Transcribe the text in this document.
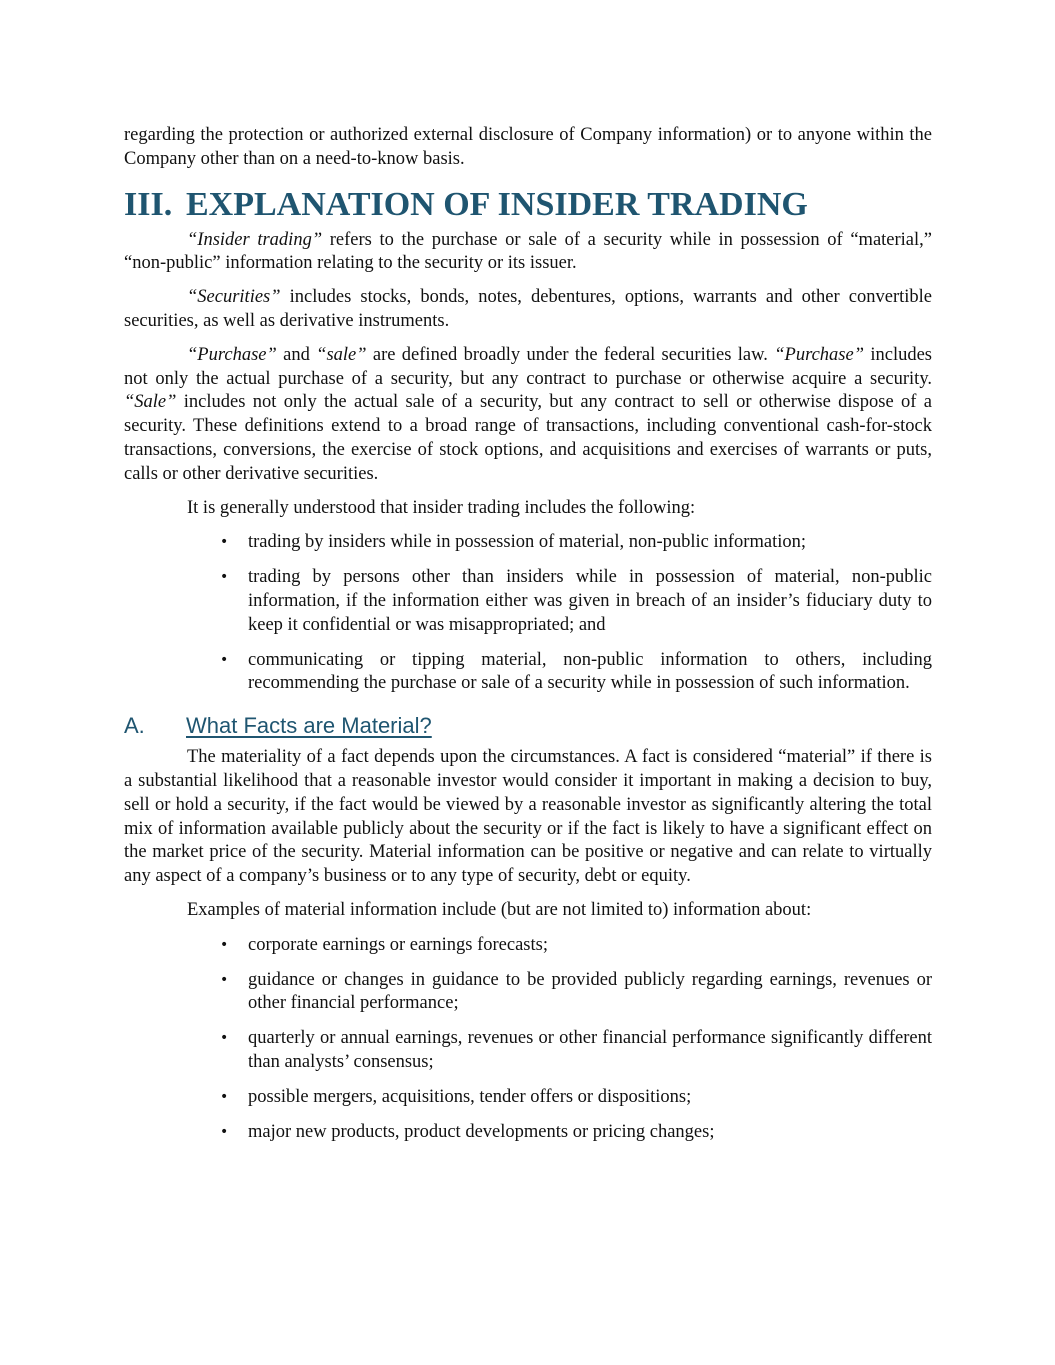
regarding the protection or authorized external disclosure of Company information) or to anyone within the Company other than on a need-to-know basis.

III. EXPLANATION OF INSIDER TRADING

“Insider trading” refers to the purchase or sale of a security while in possession of “material,” “non-public” information relating to the security or its issuer.

“Securities” includes stocks, bonds, notes, debentures, options, warrants and other convertible securities, as well as derivative instruments.

“Purchase” and “sale” are defined broadly under the federal securities law. “Purchase” includes not only the actual purchase of a security, but any contract to purchase or otherwise acquire a security. “Sale” includes not only the actual sale of a security, but any contract to sell or otherwise dispose of a security. These definitions extend to a broad range of transactions, including conventional cash-for-stock transactions, conversions, the exercise of stock options, and acquisitions and exercises of warrants or puts, calls or other derivative securities.

It is generally understood that insider trading includes the following:

• trading by insiders while in possession of material, non-public information;
• trading by persons other than insiders while in possession of material, non-public information, if the information either was given in breach of an insider’s fiduciary duty to keep it confidential or was misappropriated; and
• communicating or tipping material, non-public information to others, including recommending the purchase or sale of a security while in possession of such information.
A.	What Facts are Material?

The materiality of a fact depends upon the circumstances. A fact is considered “material” if there is a substantial likelihood that a reasonable investor would consider it important in making a decision to buy, sell or hold a security, if the fact would be viewed by a reasonable investor as significantly altering the total mix of information available publicly about the security or if the fact is likely to have a significant effect on the market price of the security. Material information can be positive or negative and can relate to virtually any aspect of a company’s business or to any type of security, debt or equity.

Examples of material information include (but are not limited to) information about:

• corporate earnings or earnings forecasts;
• guidance or changes in guidance to be provided publicly regarding earnings, revenues or other financial performance;
• quarterly or annual earnings, revenues or other financial performance significantly different than analysts’ consensus;
• possible mergers, acquisitions, tender offers or dispositions;
• major new products, product developments or pricing changes;
